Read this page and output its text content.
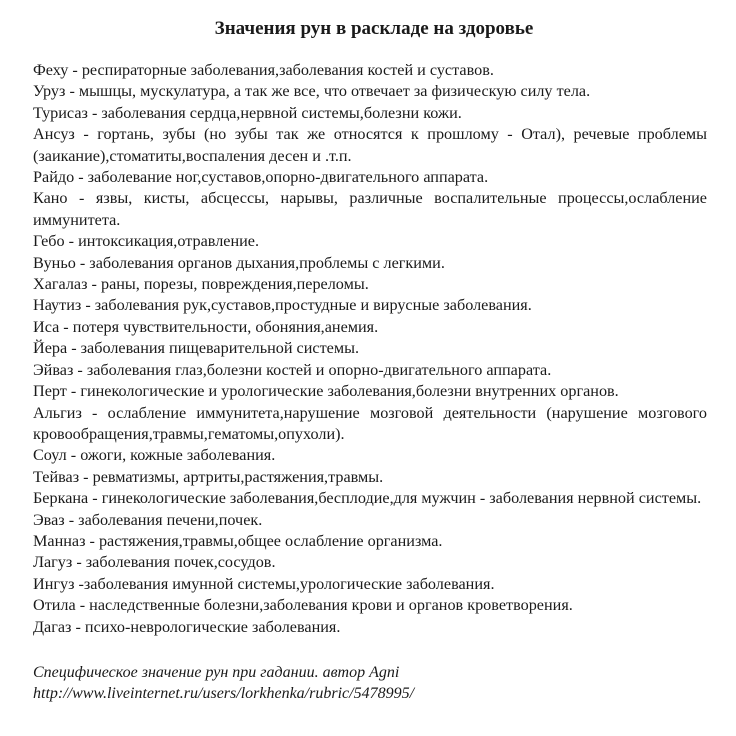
Значения рун в раскладе на здоровье
Феху - респираторные заболевания,заболевания костей и суставов.
Уруз - мышцы, мускулатура, а так же все, что отвечает за физическую силу тела.
Турисаз - заболевания сердца,нервной системы,болезни кожи.
Ансуз - гортань, зубы (но зубы так же относятся к прошлому - Отал), речевые проблемы (заикание),стоматиты,воспаления десен и .т.п.
Райдо - заболевание ног,суставов,опорно-двигательного аппарата.
Кано - язвы, кисты, абсцессы, нарывы, различные воспалительные процессы,ослабление иммунитета.
Гебо - интоксикация,отравление.
Вуньо - заболевания органов дыхания,проблемы с легкими.
Хагалаз - раны, порезы, повреждения,переломы.
Наутиз - заболевания рук,суставов,простудные и вирусные заболевания.
Иса - потеря чувствительности, обоняния,анемия.
Йера - заболевания пищеварительной системы.
Эйваз - заболевания глаз,болезни костей и опорно-двигательного аппарата.
Перт - гинекологические и урологические заболевания,болезни внутренних органов.
Альгиз - ослабление иммунитета,нарушение мозговой деятельности (нарушение мозгового кровообращения,травмы,гематомы,опухоли).
Соул - ожоги, кожные заболевания.
Тейваз - ревматизмы, артриты,растяжения,травмы.
Беркана - гинекологические заболевания,бесплодие,для мужчин - заболевания нервной системы.
Эваз - заболевания печени,почек.
Манназ - растяжения,травмы,общее ослабление организма.
Лагуз - заболевания почек,сосудов.
Ингуз -заболевания имунной системы,урологические заболевания.
Отила - наследственные болезни,заболевания крови и органов кроветворения.
Дагаз - психо-неврологические заболевания.
Специфическое значение рун при гадании. автор Agni
http://www.liveinternet.ru/users/lorkhenka/rubric/5478995/
